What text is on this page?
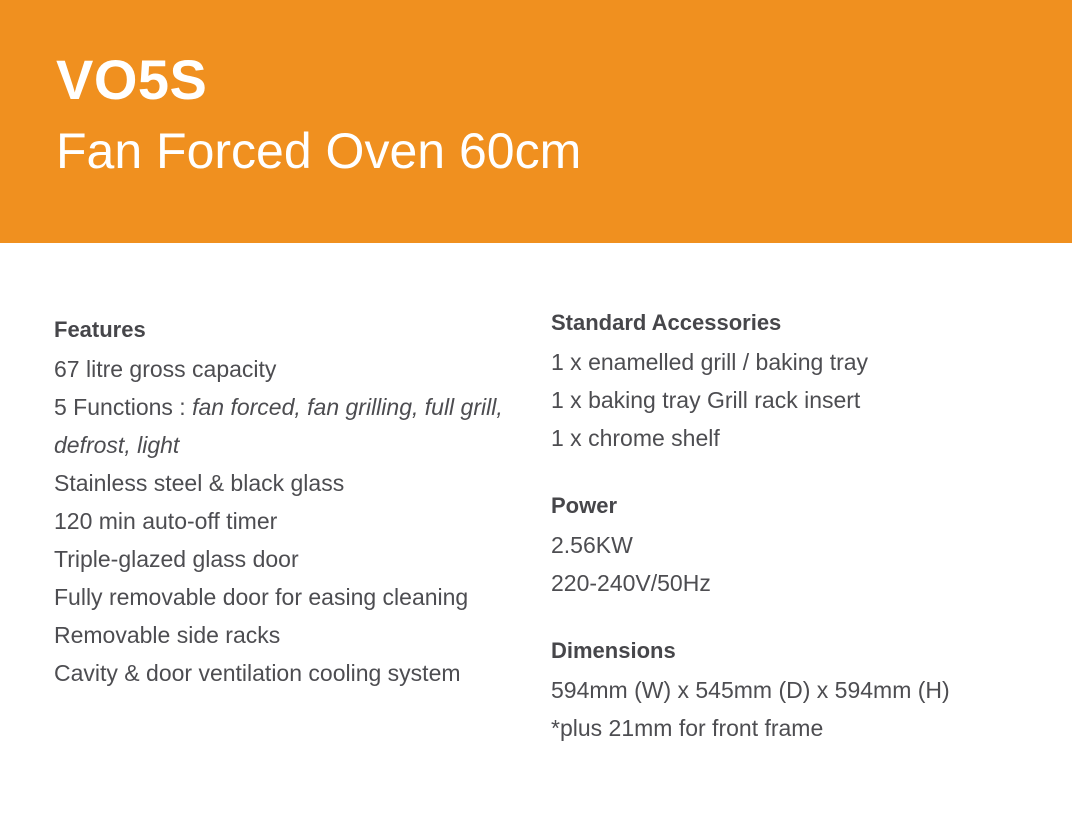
VO5S
Fan Forced Oven 60cm
Features
67 litre gross capacity
5 Functions : fan forced, fan grilling, full grill, defrost, light
Stainless steel & black glass
120 min auto-off timer
Triple-glazed glass door
Fully removable door for easing cleaning
Removable side racks
Cavity & door ventilation cooling system
Standard Accessories
1 x enamelled grill / baking tray
1 x baking tray Grill rack insert
1 x chrome shelf
Power
2.56KW
220-240V/50Hz
Dimensions
594mm (W) x 545mm (D) x 594mm (H)
*plus 21mm for front frame
